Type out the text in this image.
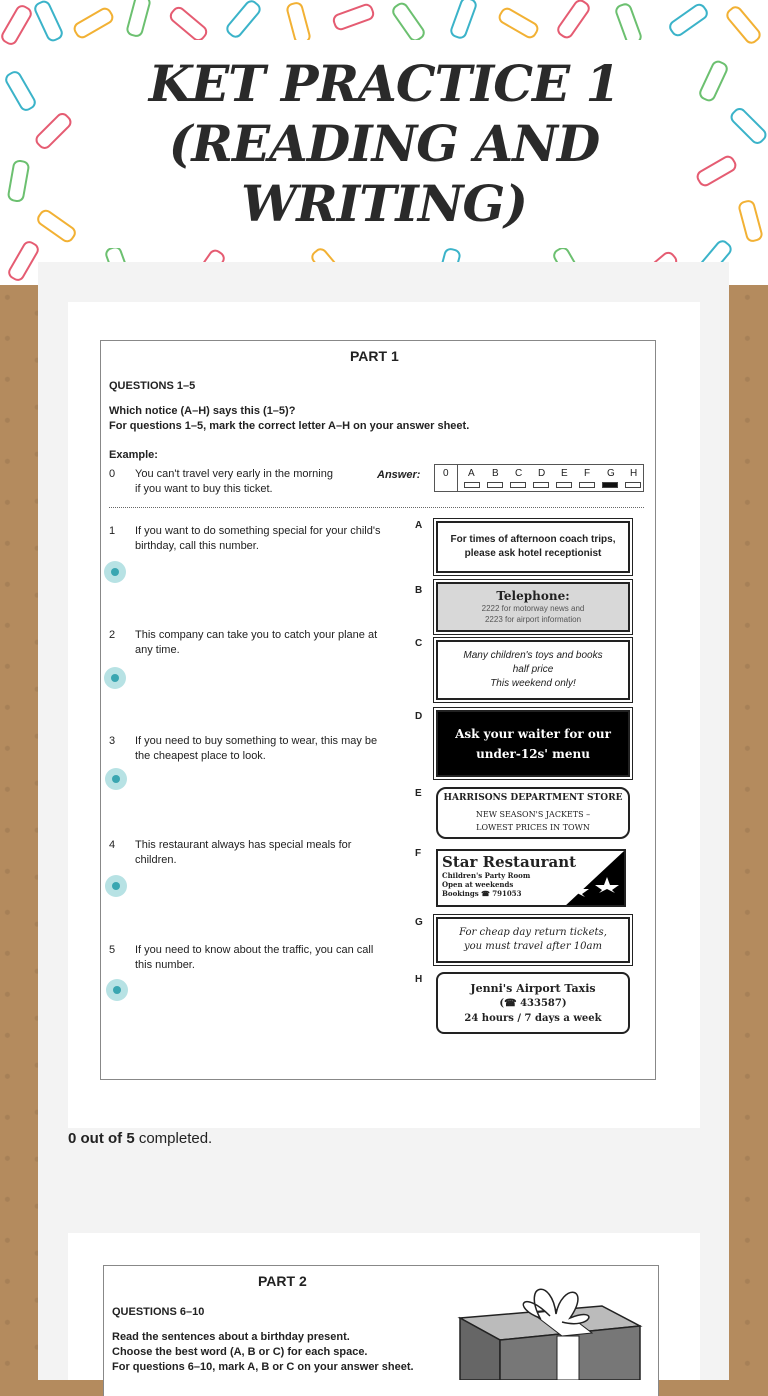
KET PRACTICE 1
(READING AND
WRITING)
PART 1
QUESTIONS 1–5
Which notice (A–H) says this (1–5)?
For questions 1–5, mark the correct letter A–H on your answer sheet.
Example:
0 You can't travel very early in the morning
if you want to buy this ticket.
Answer: 0 A B C D E F G H
1 If you want to do something special for your child's
birthday, call this number.
2 This company can take you to catch your plane at
any time.
3 If you need to buy something to wear, this may be
the cheapest place to look.
4 This restaurant always has special meals for
children.
5 If you need to know about the traffic, you can call
this number.
A
For times of afternoon coach trips,
please ask hotel receptionist
B	Telephone:
2222 for motorway news and
2223 for airport information
C
Many children's toys and books
half price
This weekend only!
D
Ask your waiter for our
under-12s' menu
E HARRISONS DEPARTMENT STORE
NEW SEASON'S JACKETS –
LOWEST PRICES IN TOWN
F Star Restaurant
Children's Party Room
Open at weekends
Bookings ☎ 791053
G
For cheap day return tickets,
you must travel after 10am
H
Jenni's Airport Taxis
(☎ 433587)
24 hours / 7 days a week
0 out of 5 completed.
PART 2
QUESTIONS 6–10
Read the sentences about a birthday present.
Choose the best word (A, B or C) for each space.
For questions 6–10, mark A, B or C on your answer sheet.
